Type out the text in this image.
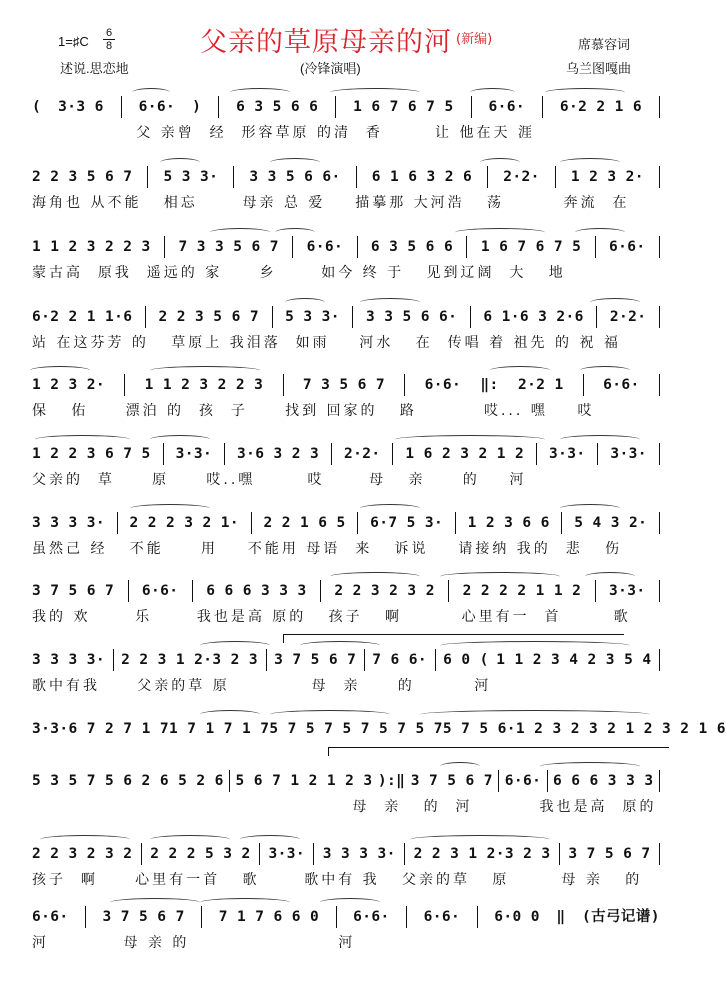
父亲的草原母亲的河 $^{(新编)}$
1=♯C
6
8
述说.思恋地	(冷锋演唱)
席慕容词
乌兰图嘎曲
( 3·3 6 6·6· ) 6 3 5 6 6 1 6 7 6 7 5 6·6· 6·2 2 1 6
父 亲曾  经  形容草原 的清  香       让 他在天 涯
2 2 3 5 6 7 5 3 3· 3 3 5 6 6· 6 1 6 3 2 6 2·2· 1 2 3 2·
海角也 从不能   相忘      母亲 总 爱    描摹那 大河浩   荡        奔流  在
1 1 2 3 2 2 3 7 3 3 5 6 7 6·6· 6 3 5 6 6 1 6 7 6 7 5 6·6·
蒙古高  原我  遥远的 家     乡      如今 终 于   见到辽阔  大   地
6·2 2 1 1·6 2 2 3 5 6 7 5 3 3· 3 3 5 6 6· 6 1·6 3 2·6 2·2·
站 在这芬芳 的   草原上 我泪落  如雨    河水   在  传唱 着 祖先 的 祝 福
1 2 3 2·	1 1 2 3 2 2 3	7 3 5 6 7	6·6· ‖: 2·2 1	6·6·
保   佑     漂泊 的  孩  子     找到 回家的   路         哎... 嘿    哎
1 2 2 3 6 7 5 3·3· 3·6 3 2 3 2·2· 1 6 2 3 2 1 2 3·3· 3·3·
父亲的  草     原     哎..嘿       哎      母   亲     的    河
3 3 3 3· 2 2 2 3 2 1· 2 2 1 6 5 6·7 5 3· 1 2 3 6 6 5 4 3 2·
虽然己 经   不能     用    不能用 母语  来   诉说    请接纳 我的  悲   伤
3 7 5 6 7 6·6· 6 6 6 3 3 3 2 2 3 2 3 2 2 2 2 2 1 1 2 3·3·
我的 欢      乐      我也是高 原的   孩子   啊        心里有一  首       歌
3 3 3 3· 2 2 3 1 2·3 2 3 3 7 5 6 7 7 6 6· 6 0 ( 1 1 2 3 4 2 3 5 4
歌中有我     父亲的草 原           母  亲     的        河
3·3· 6 7 2 7 1 7 1 7 1 7 1 7 5 7 5 7 5 7 5 7 5 7 5 7 5 6· 1 2 3 2 3 2 1 2 3 2 1 6
5 3 5 7 5 6 2 6 5 2 6 5 6 7 1 2 1 2 3 ):‖ 3 7 5 6 7 6·6· 6 6 6 3 3 3
母  亲   的  河         我也是高  原的
2 2 3 2 3 2 2 2 2 5 3 2 3·3· 3 3 3 3· 2 2 3 1 2·3 2 3 3 7 5 6 7
孩子  啊     心里有一首   歌      歌中有 我   父亲的草   原       母 亲   的
6·6· 3 7 5 6 7 7 1 7 6 6 0 6·6· 6·6· 6·0 0 ‖ (古弓记谱)
河          母 亲 的                    河
